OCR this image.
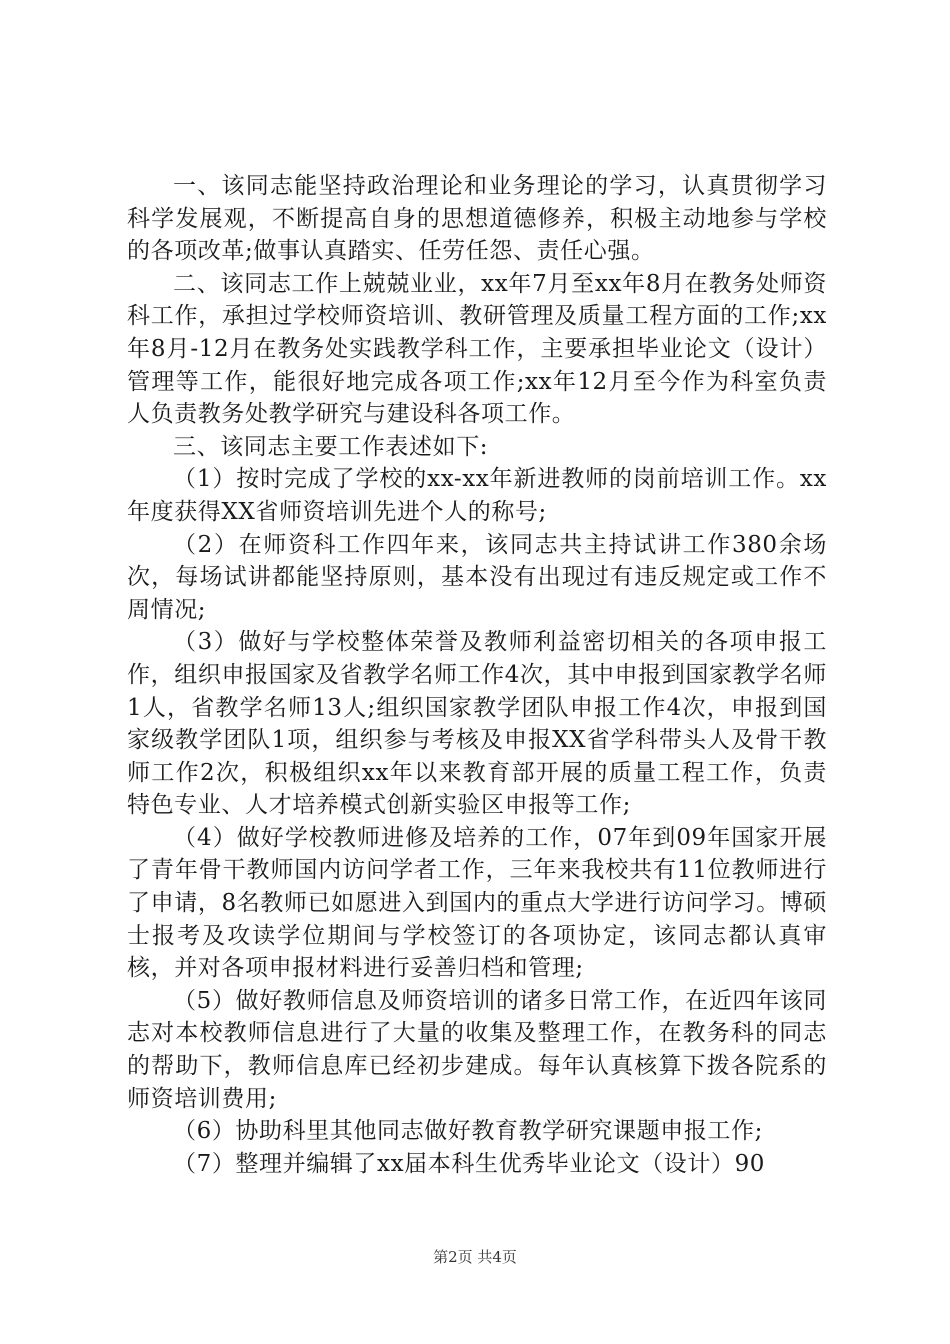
一、该同志能坚持政治理论和业务理论的学习，认真贯彻学习科学发展观，不断提高自身的思想道德修养，积极主动地参与学校的各项改革;做事认真踏实、任劳任怨、责任心强。

二、该同志工作上兢兢业业，xx年7月至xx年8月在教务处师资科工作，承担过学校师资培训、教研管理及质量工程方面的工作;xx年8月-12月在教务处实践教学科工作，主要承担毕业论文（设计）管理等工作，能很好地完成各项工作;xx年12月至今作为科室负责人负责教务处教学研究与建设科各项工作。

三、该同志主要工作表述如下:

（1）按时完成了学校的xx-xx年新进教师的岗前培训工作。xx年度获得XX省师资培训先进个人的称号;

（2）在师资科工作四年来，该同志共主持试讲工作380余场次，每场试讲都能坚持原则，基本没有出现过有违反规定或工作不周情况;

（3）做好与学校整体荣誉及教师利益密切相关的各项申报工作，组织申报国家及省教学名师工作4次，其中申报到国家教学名师1人，省教学名师13人;组织国家教学团队申报工作4次，申报到国家级教学团队1项，组织参与考核及申报XX省学科带头人及骨干教师工作2次，积极组织xx年以来教育部开展的质量工程工作，负责特色专业、人才培养模式创新实验区申报等工作;

（4）做好学校教师进修及培养的工作，07年到09年国家开展了青年骨干教师国内访问学者工作，三年来我校共有11位教师进行了申请，8名教师已如愿进入到国内的重点大学进行访问学习。博硕士报考及攻读学位期间与学校签订的各项协定，该同志都认真审核，并对各项申报材料进行妥善归档和管理;

（5）做好教师信息及师资培训的诸多日常工作，在近四年该同志对本校教师信息进行了大量的收集及整理工作，在教务科的同志的帮助下，教师信息库已经初步建成。每年认真核算下拨各院系的师资培训费用;

（6）协助科里其他同志做好教育教学研究课题申报工作;

（7）整理并编辑了xx届本科生优秀毕业论文（设计）90

第2页 共4页
